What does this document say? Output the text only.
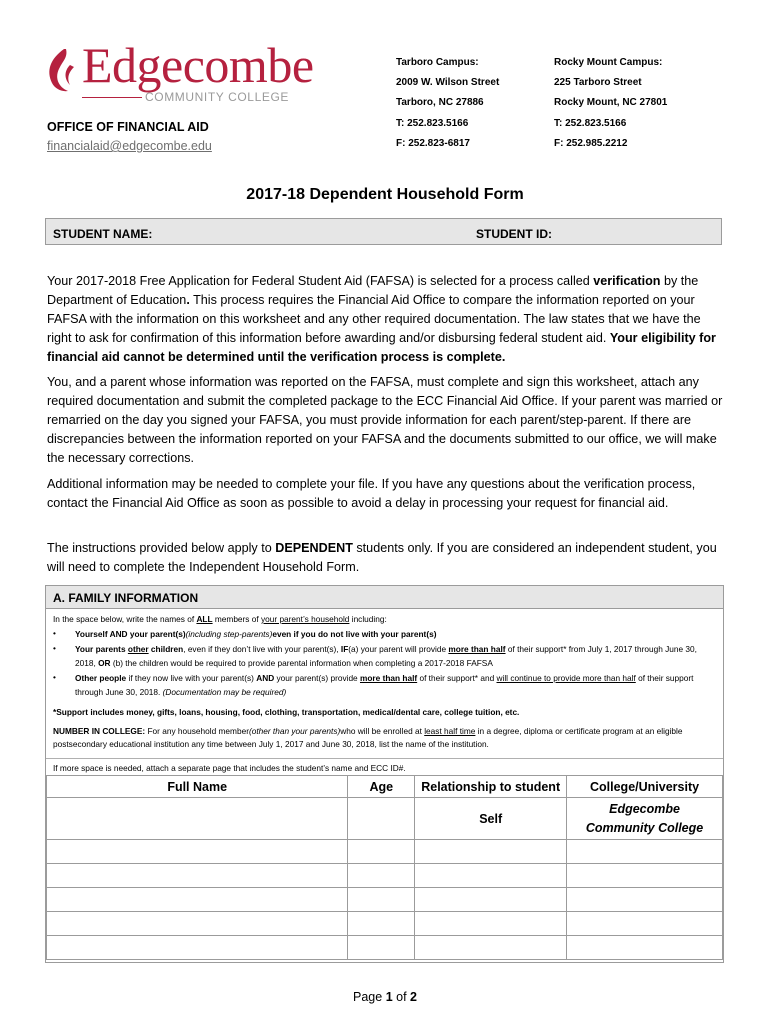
Edgecombe
COMMUNITY COLLEGE
OFFICE OF FINANCIAL AID
financialaid@edgecombe.edu
Tarboro Campus:
2009 W. Wilson Street
Tarboro, NC 27886
T: 252.823.5166
F: 252.823-6817
Rocky Mount Campus:
225 Tarboro Street
Rocky Mount, NC 27801
T: 252.823.5166
F: 252.985.2212
2017-18 Dependent Household Form
STUDENT NAME:	STUDENT ID:
Your 2017-2018 Free Application for Federal Student Aid (FAFSA) is selected for a process called verification by the Department of Education. This process requires the Financial Aid Office to compare the information reported on your FAFSA with the information on this worksheet and any other required documentation. The law states that we have the right to ask for confirmation of this information before awarding and/or disbursing federal student aid. Your eligibility for financial aid cannot be determined until the verification process is complete.
You, and a parent whose information was reported on the FAFSA, must complete and sign this worksheet, attach any required documentation and submit the completed package to the ECC Financial Aid Office. If your parent was married or remarried on the day you signed your FAFSA, you must provide information for each parent/step-parent. If there are discrepancies between the information reported on your FAFSA and the documents submitted to our office, we will make the necessary corrections.
Additional information may be needed to complete your file. If you have any questions about the verification process, contact the Financial Aid Office as soon as possible to avoid a delay in processing your request for financial aid.
The instructions provided below apply to DEPENDENT students only. If you are considered an independent student, you will need to complete the Independent Household Form.
A. FAMILY INFORMATION
In the space below, write the names of ALL members of your parent’s household including:
• Yourself AND your parent(s)(including step-parents)even if you do not live with your parent(s)
• Your parents other children, even if they don’t live with your parent(s), IF(a) your parent will provide more than half of their support* from July 1, 2017 through June 30, 2018, OR (b) the children would be required to provide parental information when completing a 2017-2018 FAFSA
• Other people if they now live with your parent(s) AND your parent(s) provide more than half of their support* and will continue to provide more than half of their support through June 30, 2018. (Documentation may be required)
*Support includes money, gifts, loans, housing, food, clothing, transportation, medical/dental care, college tuition, etc.
NUMBER IN COLLEGE: For any household member(other than your parents)who will be enrolled at least half time in a degree, diploma or certificate program at an eligible postsecondary educational institution any time between July 1, 2017 and June 30, 2018, list the name of the institution.
If more space is needed, attach a separate page that includes the student’s name and ECC ID#.
Full Name	Age	Relationship to student	College/University
		Self	Edgecombe Community College

Page 1 of 2
